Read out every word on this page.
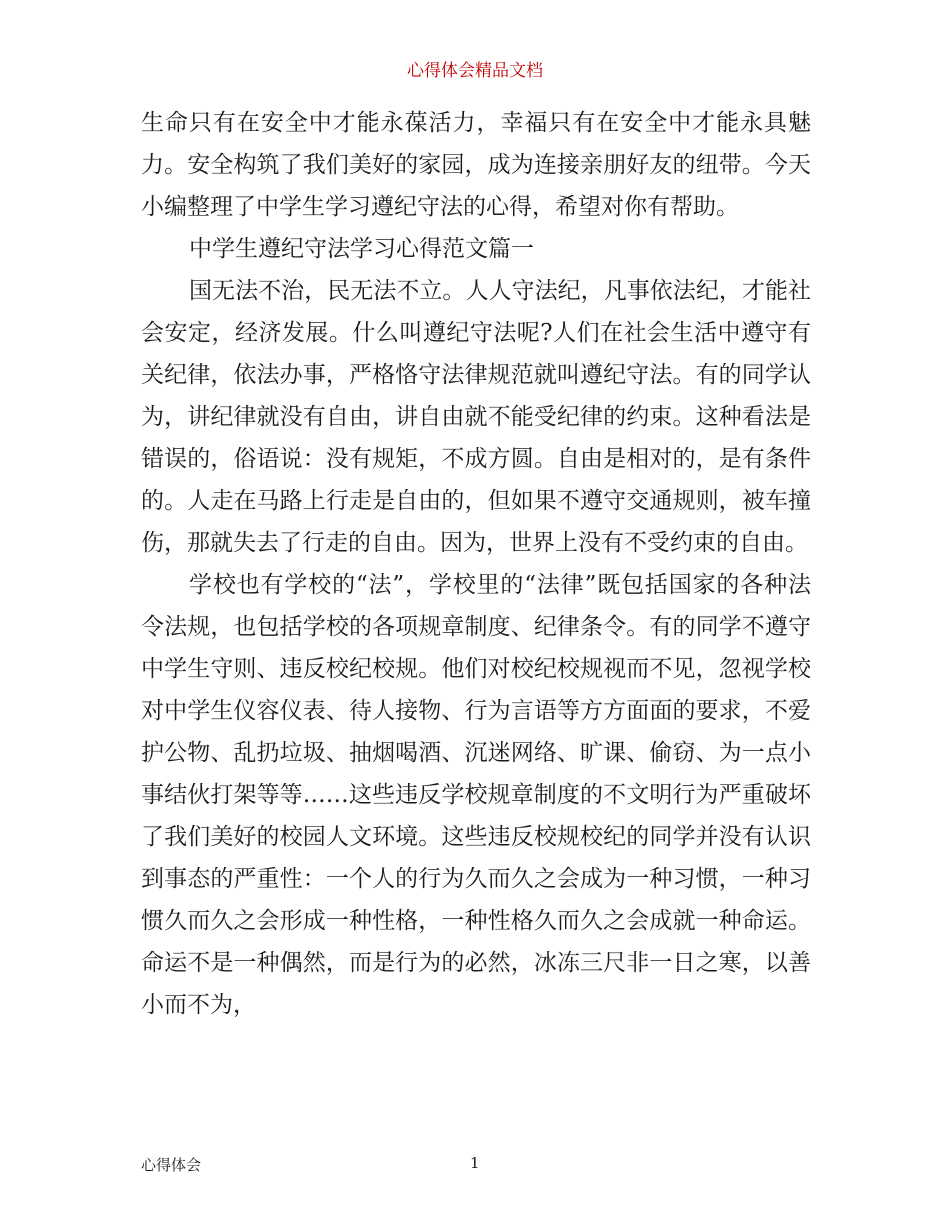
心得体会精品文档

生命只有在安全中才能永葆活力，幸福只有在安全中才能永具魅力。安全构筑了我们美好的家园，成为连接亲朋好友的纽带。今天小编整理了中学生学习遵纪守法的心得，希望对你有帮助。

中学生遵纪守法学习心得范文篇一

国无法不治，民无法不立。人人守法纪，凡事依法纪，才能社会安定，经济发展。什么叫遵纪守法呢?人们在社会生活中遵守有关纪律，依法办事，严格恪守法律规范就叫遵纪守法。有的同学认为，讲纪律就没有自由，讲自由就不能受纪律的约束。这种看法是错误的，俗语说：没有规矩，不成方圆。自由是相对的，是有条件的。人走在马路上行走是自由的，但如果不遵守交通规则，被车撞伤，那就失去了行走的自由。因为，世界上没有不受约束的自由。

学校也有学校的“法”，学校里的“法律”既包括国家的各种法令法规，也包括学校的各项规章制度、纪律条令。有的同学不遵守中学生守则、违反校纪校规。他们对校纪校规视而不见，忽视学校对中学生仪容仪表、待人接物、行为言语等方方面面的要求，不爱护公物、乱扔垃圾、抽烟喝酒、沉迷网络、旷课、偷窃、为一点小事结伙打架等等……这些违反学校规章制度的不文明行为严重破坏了我们美好的校园人文环境。这些违反校规校纪的同学并没有认识到事态的严重性：一个人的行为久而久之会成为一种习惯，一种习惯久而久之会形成一种性格，一种性格久而久之会成就一种命运。命运不是一种偶然，而是行为的必然，冰冻三尺非一日之寒，以善小而不为，

心得体会	1
